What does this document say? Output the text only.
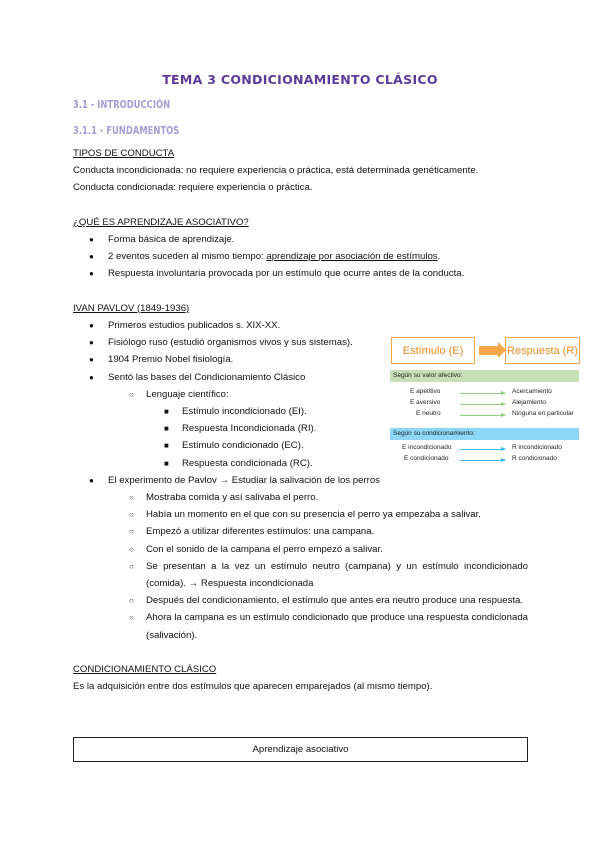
TEMA 3 CONDICIONAMIENTO CLÁSICO
3.1 - INTRODUCCIÓN
3.1.1 - FUNDAMENTOS
TIPOS DE CONDUCTA
Conducta incondicionada: no requiere experiencia o práctica, está determinada genéticamente.
Conducta condicionada: requiere experiencia o práctica.
¿QUÉ ES APRENDIZAJE ASOCIATIVO?
● Forma básica de aprendizaje.
● 2 eventos suceden al mismo tiempo: aprendizaje por asociación de estímulos.
● Respuesta involuntaria provocada por un estímulo que ocurre antes de la conducta.
IVAN PAVLOV (1849-1936)
● Primeros estudios publicados s. XIX-XX.
● Fisiólogo ruso (estudió organismos vivos y sus sistemas).
● 1904 Premio Nobel fisiología.
● Sentó las bases del Condicionamiento Clásico
○ Lenguaje científico:
■ Estímulo incondicionado (EI).
■ Respuesta Incondicionada (RI).
■ Estímulo condicionado (EC).
■ Respuesta condicionada (RC).
● El experimento de Pavlov → Estudiar la salivación de los perros
○ Mostraba comida y así salivaba el perro.
○ Había un momento en el que con su presencia el perro ya empezaba a salivar.
○ Empezó a utilizar diferentes estímulos: una campana.
○ Con el sonido de la campana el perro empezó a salivar.
○ Se presentan a la vez un estímulo neutro (campana) y un estímulo incondicionado (comida). → Respuesta incondicionada
○ Después del condicionamiento, el estímulo que antes era neutro produce una respuesta.
○ Ahora la campana es un estímulo condicionado que produce una respuesta condicionada (salivación).
CONDICIONAMIENTO CLÁSICO
Es la adquisición entre dos estímulos que aparecen emparejados (al mismo tiempo).
Aprendizaje asociativo
Estímulo (E)	Respuesta (R)
Según su valor afectivo:
E apetitivo	Acercamiento
E aversivo	Alejamiento
E neutro	Ninguna en particular
Según su condicionamiento:
E incondicionado	R incondicionado
E condicionado	R condicionado
